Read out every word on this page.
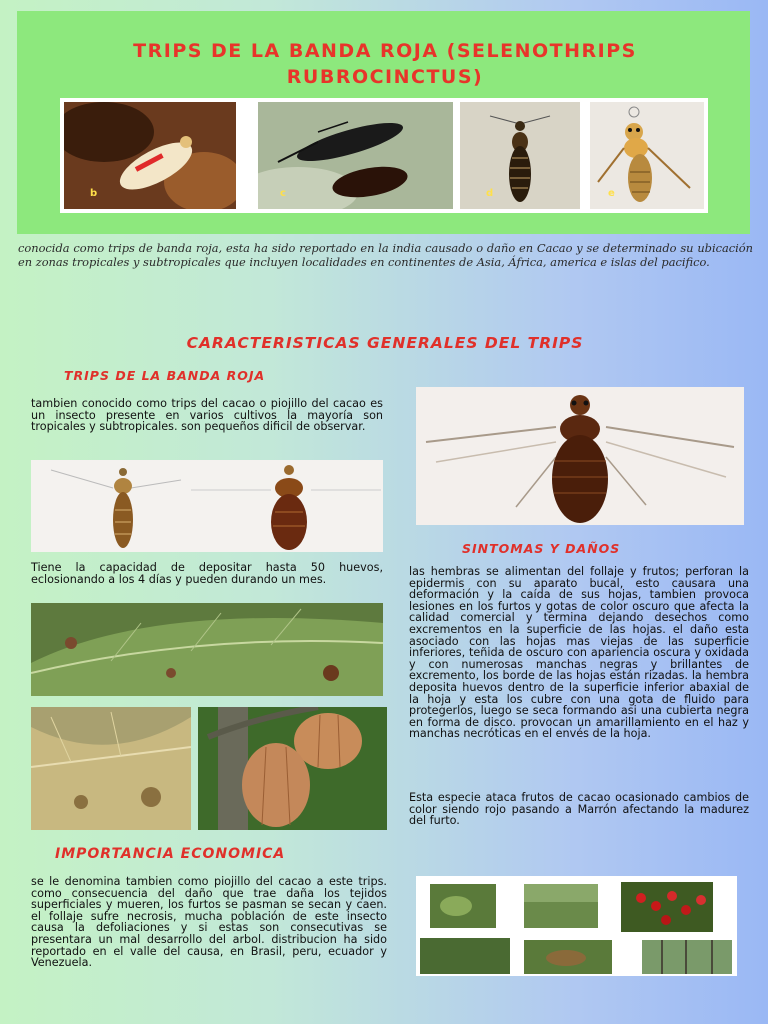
TRIPS DE LA BANDA ROJA (SELENOTHRIPS RUBROCINCTUS)
b	c	d	e
conocida como trips de banda roja, esta ha sido reportado en la india causado o daño en Cacao y se determinado su ubicación en zonas tropicales y subtropicales que incluyen localidades en continentes de Asia, África, america e islas del pacifico.
CARACTERISTICAS GENERALES DEL TRIPS
TRIPS DE LA BANDA ROJA
tambien conocido como trips del cacao o piojillo del cacao es un insecto presente en varios cultivos la mayoría son tropicales y subtropicales. son pequeños dificil de observar.
Tiene la capacidad de depositar hasta 50 huevos, eclosionando a los 4 días y pueden durando un mes.
SINTOMAS Y DAÑOS
las hembras se alimentan del follaje y frutos; perforan la epidermis con su aparato bucal, esto causara una deformación y la caída de sus hojas, tambien provoca lesiones en los furtos y gotas de color oscuro que afecta la calidad comercial y termina dejando desechos como excrementos en la superficie de las hojas. el daño esta asociado con las hojas mas viejas de las superficie inferiores, teñida de oscuro con apariencia oscura y oxidada y con numerosas manchas negras y brillantes de excremento, los borde de las hojas están rizadas. la hembra deposita huevos dentro de la superficie inferior abaxial de la hoja y esta los cubre con una gota de fluido para protegerlos, luego se seca formando asi una cubierta negra en forma de disco. provocan un amarillamiento en el haz y manchas necróticas en el envés de la hoja.
Esta especie ataca frutos de cacao ocasionado cambios de color siendo rojo pasando a Marrón afectando la madurez del furto.
IMPORTANCIA ECONOMICA
se le denomina tambien como piojillo del cacao a este trips. como consecuencia del daño que trae daña los tejidos superficiales y mueren, los furtos se pasman se secan y caen. el follaje sufre necrosis, mucha población de este insecto causa la defoliaciones y si estas son consecutivas se presentara un mal desarrollo del arbol. distribucion ha sido reportado en el valle del causa, en Brasil, peru, ecuador y Venezuela.
